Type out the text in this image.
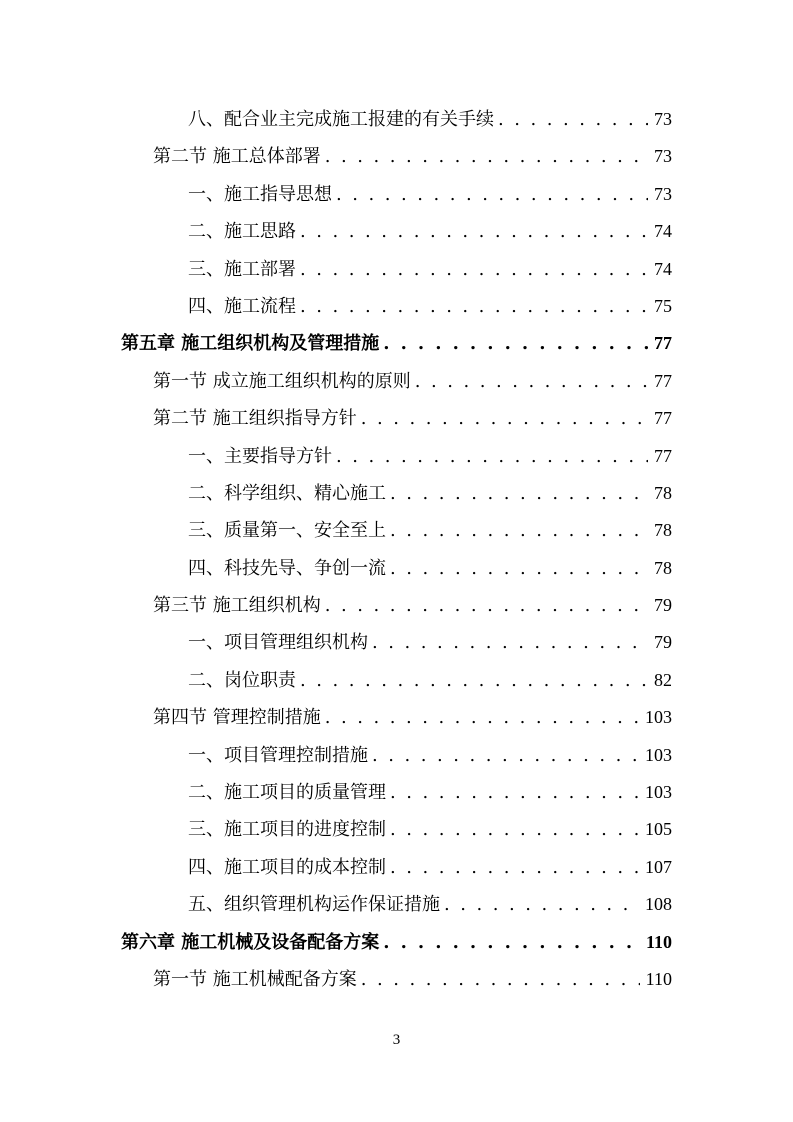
八、配合业主完成施工报建的有关手续 . . .	73
第二节 施工总体部署 . . .	73
一、施工指导思想 . . .	73
二、施工思路 . . .	74
三、施工部署 . . .	74
四、施工流程 . . .	75
第五章 施工组织机构及管理措施 . . .	77
第一节 成立施工组织机构的原则 . . .	77
第二节 施工组织指导方针 . . .	77
一、主要指导方针 . . .	77
二、科学组织、精心施工 . . .	78
三、质量第一、安全至上 . . .	78
四、科技先导、争创一流 . . .	78
第三节 施工组织机构 . . .	79
一、项目管理组织机构 . . .	79
二、岗位职责 . . .	82
第四节 管理控制措施 . . .	103
一、项目管理控制措施 . . .	103
二、施工项目的质量管理 . . .	103
三、施工项目的进度控制 . . .	105
四、施工项目的成本控制 . . .	107
五、组织管理机构运作保证措施 . . .	108
第六章 施工机械及设备配备方案 . . .	110
第一节 施工机械配备方案 . . .	110
3
